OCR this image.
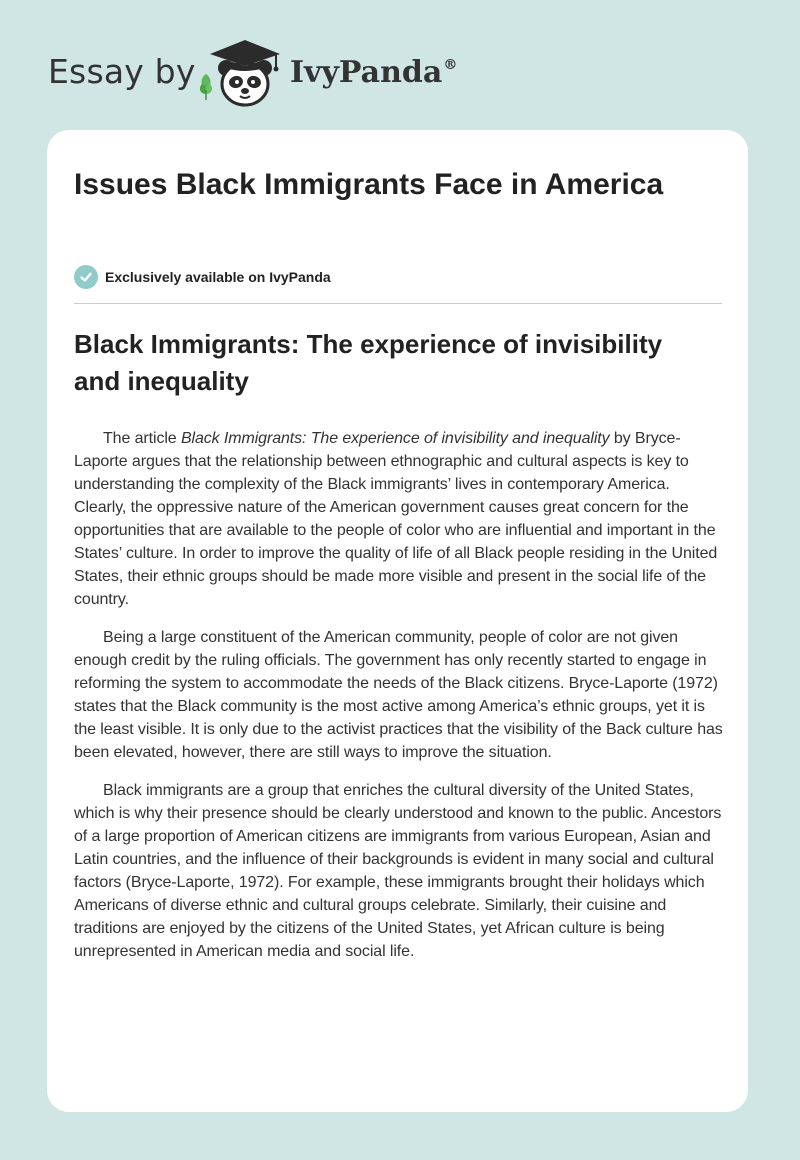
Essay by	IvyPanda®
Issues Black Immigrants Face in America
Exclusively available on IvyPanda
Black Immigrants: The experience of invisibility and inequality

The article Black Immigrants: The experience of invisibility and inequality by Bryce-Laporte argues that the relationship between ethnographic and cultural aspects is key to understanding the complexity of the Black immigrants’ lives in contemporary America. Clearly, the oppressive nature of the American government causes great concern for the opportunities that are available to the people of color who are influential and important in the States’ culture. In order to improve the quality of life of all Black people residing in the United States, their ethnic groups should be made more visible and present in the social life of the country.

Being a large constituent of the American community, people of color are not given enough credit by the ruling officials. The government has only recently started to engage in reforming the system to accommodate the needs of the Black citizens. Bryce-Laporte (1972) states that the Black community is the most active among America’s ethnic groups, yet it is the least visible. It is only due to the activist practices that the visibility of the Back culture has been elevated, however, there are still ways to improve the situation.

Black immigrants are a group that enriches the cultural diversity of the United States, which is why their presence should be clearly understood and known to the public. Ancestors of a large proportion of American citizens are immigrants from various European, Asian and Latin countries, and the influence of their backgrounds is evident in many social and cultural factors (Bryce-Laporte, 1972). For example, these immigrants brought their holidays which Americans of diverse ethnic and cultural groups celebrate. Similarly, their cuisine and traditions are enjoyed by the citizens of the United States, yet African culture is being unrepresented in American media and social life.
